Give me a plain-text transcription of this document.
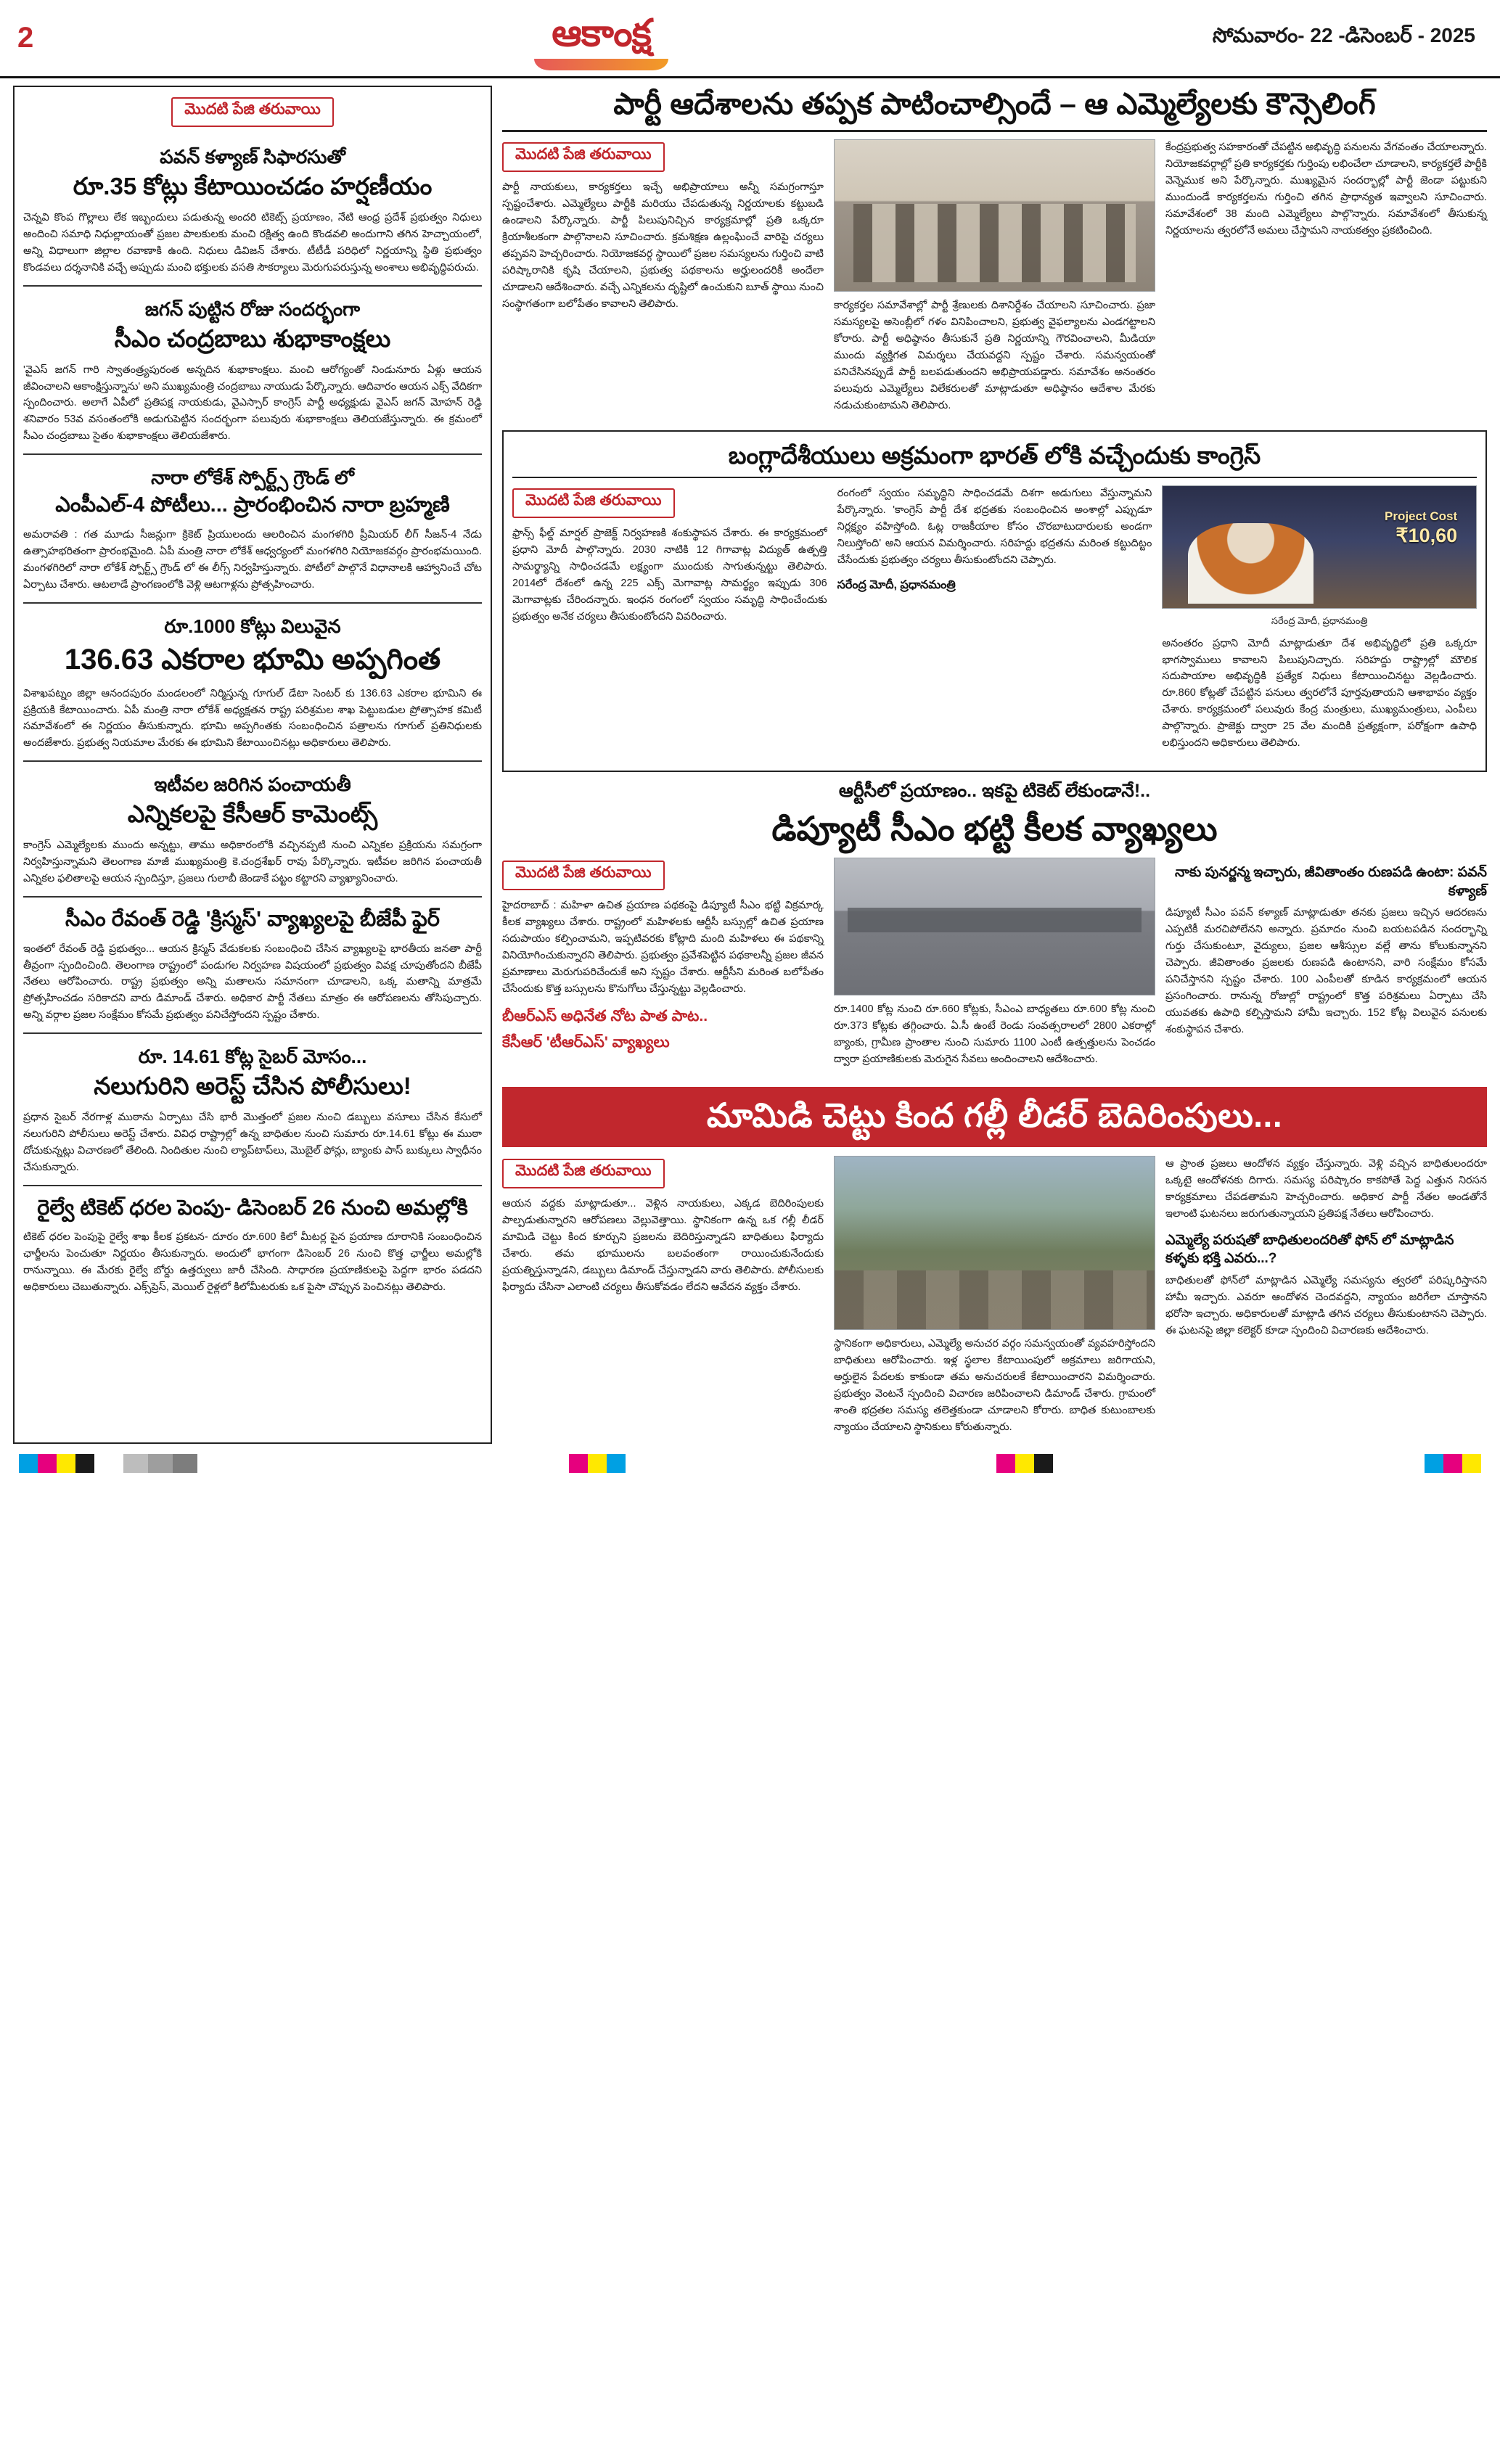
2	ఆకాంక్ష	సోమవారం- 22 -డిసెంబర్ - 2025
మొదటి పేజి తరువాయి
పవన్ కళ్యాణ్ సిఫారసుతో
రూ.35 కోట్లు కేటాయించడం హర్షణీయం

చెన్నవి కొంప గొల్లాలు లేక ఇబ్బందులు పడుతున్న అందరి టికెట్స్ ప్రయాణం, నేటి ఆంధ్ర ప్రదేశ్ ప్రభుత్వం నిధులు అందించి సమాధి నిధుల్లాయంతో ప్రజల పాలకులకు మంచి రక్షిత్వ ఉంది కొండవలి అందుగాని తగిన హెచ్చాయంలో, అన్ని విధాలుగా జిల్లాల రవాణాకి ఉంది. నిధులు డివిజన్ చేశారు. టీటీడీ పరిధిలో నిర్ణయాన్ని స్థితి ప్రభుత్వం కొండవలు దర్శనానికి వచ్చే అప్పుడు మంచి భక్తులకు వసతి సౌకర్యాలు మెరుగుపరుస్తున్న అంశాలు అభివృద్ధిపరుచు.

జగన్ పుట్టిన రోజు సందర్భంగా
సీఎం చంద్రబాబు శుభాకాంక్షలు

'వైఎస్ జగన్ గారి స్వాతంత్ర్యపురంత అన్నదిన శుభాకాంక్షలు. మంచి ఆరోగ్యంతో నిండునూరు ఏళ్లు ఆయన జీవించాలని ఆకాంక్షిస్తున్నాను' అని ముఖ్యమంత్రి చంద్రబాబు నాయుడు పేర్కొన్నారు. ఆదివారం ఆయన ఎక్స్ వేదికగా స్పందించారు. అలాగే ఏపీలో ప్రతిపక్ష నాయకుడు, వైఎస్సార్ కాంగ్రెస్ పార్టీ అధ్యక్షుడు వైఎస్ జగన్ మోహన్ రెడ్డి శనివారం 53వ వసంతంలోకి అడుగుపెట్టిన సందర్భంగా పలువురు శుభాకాంక్షలు తెలియజేస్తున్నారు. ఈ క్రమంలో సీఎం చంద్రబాబు సైతం శుభాకాంక్షలు తెలియజేశారు.

నారా లోకేశ్ స్పోర్ట్స్ గ్రౌండ్ లో
ఎంపీఎల్-4 పోటీలు... ప్రారంభించిన నారా బ్రహ్మణి

అమరావతి : గత మూడు సీజన్లుగా క్రికెట్ ప్రియులందు ఆలరించిన మంగళగిరి ప్రీమియర్ లీగ్ సీజన్-4 నేడు ఉత్సాహభరితంగా ప్రారంభమైంది. ఏపీ మంత్రి నారా లోకేశ్ ఆధ్వర్యంలో మంగళగిరి నియోజకవర్గం ప్రారంభమయింది. మంగళగిరిలో నారా లోకేశ్ స్పోర్ట్స్ గ్రౌండ్ లో ఈ లీగ్స్ నిర్వహిస్తున్నారు. పోటీలో పాల్గొనే విధానాలకి ఆహ్వానించే చోట ఏర్పాటు చేశారు. ఆటలాడే ప్రాంగణంలోకి వెళ్లి ఆటగాళ్లను ప్రోత్సహించారు.

రూ.1000 కోట్లు విలువైన
136.63 ఎకరాల భూమి అప్పగింత

విశాఖపట్నం జిల్లా ఆనందపురం మండలంలో నిర్మిస్తున్న గూగుల్ డేటా సెంటర్ కు 136.63 ఎకరాల భూమిని ఈ ప్రక్రియకి కేటాయించారు. ఏపీ మంత్రి నారా లోకేశ్ అధ్యక్షతన రాష్ట్ర పరిశ్రమల శాఖ పెట్టుబడుల ప్రోత్సాహక కమిటీ సమావేశంలో ఈ నిర్ణయం తీసుకున్నారు. భూమి అప్పగింతకు సంబంధించిన పత్రాలను గూగుల్ ప్రతినిధులకు అందజేశారు. ప్రభుత్వ నియమాల మేరకు ఈ భూమిని కేటాయించినట్లు అధికారులు తెలిపారు.

ఇటీవల జరిగిన పంచాయతీ
ఎన్నికలపై కేసీఆర్ కామెంట్స్

కాంగ్రెస్ ఎమ్మెల్యేలకు ముందు అన్నట్టు, తాము అధికారంలోకి వచ్చినప్పటి నుంచి ఎన్నికల ప్రక్రియను సమగ్రంగా నిర్వహిస్తున్నామని తెలంగాణ మాజీ ముఖ్యమంత్రి కె.చంద్రశేఖర్ రావు పేర్కొన్నారు. ఇటీవల జరిగిన పంచాయతీ ఎన్నికల ఫలితాలపై ఆయన స్పందిస్తూ, ప్రజలు గులాబీ జెండాకే పట్టం కట్టారని వ్యాఖ్యానించారు.

సీఎం రేవంత్ రెడ్డి 'క్రిస్మస్' వ్యాఖ్యలపై బీజేపీ ఫైర్

ఇంతలో రేవంత్ రెడ్డి ప్రభుత్వం... ఆయన క్రిస్మస్ వేడుకలకు సంబంధించి చేసిన వ్యాఖ్యలపై భారతీయ జనతా పార్టీ తీవ్రంగా స్పందించింది. తెలంగాణ రాష్ట్రంలో పండుగల నిర్వహణ విషయంలో ప్రభుత్వం వివక్ష చూపుతోందని బీజేపీ నేతలు ఆరోపించారు. రాష్ట్ర ప్రభుత్వం అన్ని మతాలను సమానంగా చూడాలని, ఒక్క మతాన్ని మాత్రమే ప్రోత్సహించడం సరికాదని వారు డిమాండ్ చేశారు. అధికార పార్టీ నేతలు మాత్రం ఈ ఆరోపణలను తోసిపుచ్చారు. అన్ని వర్గాల ప్రజల సంక్షేమం కోసమే ప్రభుత్వం పనిచేస్తోందని స్పష్టం చేశారు.

రూ. 14.61 కోట్ల సైబర్ మోసం...
నలుగురిని అరెస్ట్ చేసిన పోలీసులు!

ప్రధాన సైబర్ నేరగాళ్ల ముఠాను ఏర్పాటు చేసి భారీ మొత్తంలో ప్రజల నుంచి డబ్బులు వసూలు చేసిన కేసులో నలుగురిని పోలీసులు అరెస్ట్ చేశారు. వివిధ రాష్ట్రాల్లో ఉన్న బాధితుల నుంచి సుమారు రూ.14.61 కోట్లు ఈ ముఠా దోచుకున్నట్లు విచారణలో తేలింది. నిందితుల నుంచి ల్యాప్‌టాప్‌లు, మొబైల్ ఫోన్లు, బ్యాంకు పాస్ బుక్కులు స్వాధీనం చేసుకున్నారు.

రైల్వే టికెట్ ధరల పెంపు- డిసెంబర్ 26 నుంచి అమల్లోకి

టికెట్ ధరల పెంపుపై రైల్వే శాఖ కీలక ప్రకటన- దూరం రూ.600 కిలో మీటర్ల పైన ప్రయాణ దూరానికి సంబంధించిన ఛార్జీలను పెంచుతూ నిర్ణయం తీసుకున్నారు. అందులో భాగంగా డిసెంబర్ 26 నుంచి కొత్త ఛార్జీలు అమల్లోకి రానున్నాయి. ఈ మేరకు రైల్వే బోర్డు ఉత్తర్వులు జారీ చేసింది. సాధారణ ప్రయాణికులపై పెద్దగా భారం పడదని అధికారులు చెబుతున్నారు. ఎక్స్‌ప్రెస్, మెయిల్ రైళ్లలో కిలోమీటరుకు ఒక పైసా చొప్పున పెంచినట్లు తెలిపారు.

పార్టీ ఆదేశాలను తప్పక పాటించాల్సిందే – ఆ ఎమ్మెల్యేలకు కౌన్సెలింగ్
మొదటి పేజి తరువాయి

పార్టీ నాయకులు, కార్యకర్తలు ఇచ్చే అభిప్రాయాలు అన్నీ సమగ్రంగాస్తూ స్పష్టంచేశారు. ఎమ్మెల్యేలు పార్టీకి మరియు చేపడుతున్న నిర్ణయాలకు కట్టుబడి ఉండాలని పేర్కొన్నారు. పార్టీ పిలుపునిచ్చిన కార్యక్రమాల్లో ప్రతి ఒక్కరూ క్రియాశీలకంగా పాల్గొనాలని సూచించారు. క్రమశిక్షణ ఉల్లంఘించే వారిపై చర్యలు తప్పవని హెచ్చరించారు. నియోజకవర్గ స్థాయిలో ప్రజల సమస్యలను గుర్తించి వాటి పరిష్కారానికి కృషి చేయాలని, ప్రభుత్వ పథకాలను అర్హులందరికీ అందేలా చూడాలని ఆదేశించారు. వచ్చే ఎన్నికలను దృష్టిలో ఉంచుకుని బూత్ స్థాయి నుంచి సంస్థాగతంగా బలోపేతం కావాలని తెలిపారు.	కార్యకర్తల సమావేశాల్లో పార్టీ శ్రేణులకు దిశానిర్దేశం చేయాలని సూచించారు. ప్రజా సమస్యలపై అసెంబ్లీలో గళం వినిపించాలని, ప్రభుత్వ వైఫల్యాలను ఎండగట్టాలని కోరారు. పార్టీ అధిష్ఠానం తీసుకునే ప్రతి నిర్ణయాన్ని గౌరవించాలని, మీడియా ముందు వ్యక్తిగత విమర్శలు చేయవద్దని స్పష్టం చేశారు. సమన్వయంతో పనిచేసినప్పుడే పార్టీ బలపడుతుందని అభిప్రాయపడ్డారు. సమావేశం అనంతరం పలువురు ఎమ్మెల్యేలు విలేకరులతో మాట్లాడుతూ అధిష్ఠానం ఆదేశాల మేరకు నడుచుకుంటామని తెలిపారు.

కేంద్రప్రభుత్వ సహకారంతో చేపట్టిన అభివృద్ధి పనులను వేగవంతం చేయాలన్నారు. నియోజకవర్గాల్లో ప్రతి కార్యకర్తకు గుర్తింపు లభించేలా చూడాలని, కార్యకర్తలే పార్టీకి వెన్నెముక అని పేర్కొన్నారు. ముఖ్యమైన సందర్భాల్లో పార్టీ జెండా పట్టుకుని ముందుండే కార్యకర్తలను గుర్తించి తగిన ప్రాధాన్యత ఇవ్వాలని సూచించారు. సమావేశంలో 38 మంది ఎమ్మెల్యేలు పాల్గొన్నారు. సమావేశంలో తీసుకున్న నిర్ణయాలను త్వరలోనే అమలు చేస్తామని నాయకత్వం ప్రకటించింది.

బంగ్లాదేశీయులు అక్రమంగా భారత్ లోకి వచ్చేందుకు కాంగ్రెస్
మొదటి పేజి తరువాయి

ఫ్రాన్స్ ఫీల్డ్ మార్షల్ ప్రాజెక్ట్ నిర్వహణకి శంకుస్థాపన చేశారు. ఈ కార్యక్రమంలో ప్రధాని మోదీ పాల్గొన్నారు. 2030 నాటికి 12 గిగావాట్ల విద్యుత్ ఉత్పత్తి సామర్థ్యాన్ని సాధించడమే లక్ష్యంగా ముందుకు సాగుతున్నట్టు తెలిపారు. 2014లో దేశంలో ఉన్న 225 ఎక్స్ మెగావాట్ల సామర్థ్యం ఇప్పుడు 306 మెగావాట్లకు చేరిందన్నారు. ఇంధన రంగంలో స్వయం సమృద్ధి సాధించేందుకు ప్రభుత్వం అనేక చర్యలు తీసుకుంటోందని వివరించారు.

రంగంలో స్వయం సమృద్ధిని సాధించడమే దిశగా అడుగులు వేస్తున్నామని పేర్కొన్నారు. 'కాంగ్రెస్ పార్టీ దేశ భద్రతకు సంబంధించిన అంశాల్లో ఎప్పుడూ నిర్లక్ష్యం వహిస్తోంది. ఓట్ల రాజకీయాల కోసం చొరబాటుదారులకు అండగా నిలుస్తోంది' అని ఆయన విమర్శించారు. సరిహద్దు భద్రతను మరింత కట్టుదిట్టం చేసేందుకు ప్రభుత్వం చర్యలు తీసుకుంటోందని చెప్పారు.

సరేంద్ర మోదీ, ప్రధానమంత్రి
Project Cost
₹10,60
సరేంద్ర మోదీ, ప్రధానమంత్రి

అనంతరం ప్రధాని మోదీ మాట్లాడుతూ దేశ అభివృద్ధిలో ప్రతి ఒక్కరూ భాగస్వాములు కావాలని పిలుపునిచ్చారు. సరిహద్దు రాష్ట్రాల్లో మౌలిక సదుపాయాల అభివృద్ధికి ప్రత్యేక నిధులు కేటాయించినట్టు వెల్లడించారు. రూ.860 కోట్లతో చేపట్టిన పనులు త్వరలోనే పూర్తవుతాయని ఆశాభావం వ్యక్తం చేశారు. కార్యక్రమంలో పలువురు కేంద్ర మంత్రులు, ముఖ్యమంత్రులు, ఎంపీలు పాల్గొన్నారు. ప్రాజెక్టు ద్వారా 25 వేల మందికి ప్రత్యక్షంగా, పరోక్షంగా ఉపాధి లభిస్తుందని అధికారులు తెలిపారు.

ఆర్టీసీలో ప్రయాణం.. ఇకపై టికెట్ లేకుండానే!..
డిప్యూటీ సీఎం భట్టి కీలక వ్యాఖ్యలు
మొదటి పేజి తరువాయి

హైదరాబాద్ : మహిళా ఉచిత ప్రయాణ పథకంపై డిప్యూటీ సీఎం భట్టి విక్రమార్క కీలక వ్యాఖ్యలు చేశారు. రాష్ట్రంలో మహిళలకు ఆర్టీసీ బస్సుల్లో ఉచిత ప్రయాణ సదుపాయం కల్పించామని, ఇప్పటివరకు కోట్లాది మంది మహిళలు ఈ పథకాన్ని వినియోగించుకున్నారని తెలిపారు. ప్రభుత్వం ప్రవేశపెట్టిన పథకాలన్నీ ప్రజల జీవన ప్రమాణాలు మెరుగుపరిచేందుకే అని స్పష్టం చేశారు. ఆర్టీసీని మరింత బలోపేతం చేసేందుకు కొత్త బస్సులను కొనుగోలు చేస్తున్నట్టు వెల్లడించారు.

బీఆర్ఎస్ అధినేత నోట పాత పాట..
కేసీఆర్ 'టీఆర్ఎస్' వ్యాఖ్యలు

రూ.1400 కోట్ల నుంచి రూ.660 కోట్లకు, సీఎంఎ బాధ్యతలు రూ.600 కోట్ల నుంచి రూ.373 కోట్లకు తగ్గించారు. ఏ.సీ ఉంటే రెండు సంవత్సరాలలో 2800 ఎకరాల్లో బ్యాంకు, గ్రామీణ ప్రాంతాల నుంచి సుమారు 1100 ఎంటీ ఉత్పత్తులను పెంచడం ద్వారా ప్రయాణికులకు మెరుగైన సేవలు అందించాలని ఆదేశించారు.

నాకు పునర్జన్మ ఇచ్చారు, జీవితాంతం రుణపడి ఉంటా: పవన్ కళ్యాణ్

డిప్యూటీ సీఎం పవన్ కళ్యాణ్ మాట్లాడుతూ తనకు ప్రజలు ఇచ్చిన ఆదరణను ఎప్పటికీ మరచిపోలేనని అన్నారు. ప్రమాదం నుంచి బయటపడిన సందర్భాన్ని గుర్తు చేసుకుంటూ, వైద్యులు, ప్రజల ఆశీస్సుల వల్లే తాను కోలుకున్నానని చెప్పారు. జీవితాంతం ప్రజలకు రుణపడి ఉంటానని, వారి సంక్షేమం కోసమే పనిచేస్తానని స్పష్టం చేశారు. 100 ఎంపీలతో కూడిన కార్యక్రమంలో ఆయన ప్రసంగించారు. రానున్న రోజుల్లో రాష్ట్రంలో కొత్త పరిశ్రమలు ఏర్పాటు చేసి యువతకు ఉపాధి కల్పిస్తామని హామీ ఇచ్చారు. 152 కోట్ల విలువైన పనులకు శంకుస్థాపన చేశారు.

మామిడి చెట్టు కింద గల్లీ లీడర్ బెదిరింపులు...
మొదటి పేజి తరువాయి

ఆయన వద్దకు మాట్లాడుతూ... వెళ్లిన నాయకులు, ఎక్కడ బెదిరింపులకు పాల్పడుతున్నారని ఆరోపణలు వెల్లువెత్తాయి. స్థానికంగా ఉన్న ఒక గల్లీ లీడర్ మామిడి చెట్టు కింద కూర్చుని ప్రజలను బెదిరిస్తున్నాడని బాధితులు ఫిర్యాదు చేశారు. తమ భూములను బలవంతంగా రాయించుకునేందుకు ప్రయత్నిస్తున్నాడని, డబ్బులు డిమాండ్ చేస్తున్నాడని వారు తెలిపారు. పోలీసులకు ఫిర్యాదు చేసినా ఎలాంటి చర్యలు తీసుకోవడం లేదని ఆవేదన వ్యక్తం చేశారు.

స్థానికంగా అధికారులు, ఎమ్మెల్యే అనుచర వర్గం సమన్వయంతో వ్యవహరిస్తోందని బాధితులు ఆరోపించారు. ఇళ్ల స్థలాల కేటాయింపులో అక్రమాలు జరిగాయని, అర్హులైన పేదలకు కాకుండా తమ అనుచరులకే కేటాయించారని విమర్శించారు. ప్రభుత్వం వెంటనే స్పందించి విచారణ జరిపించాలని డిమాండ్ చేశారు. గ్రామంలో శాంతి భద్రతల సమస్య తలెత్తకుండా చూడాలని కోరారు. బాధిత కుటుంబాలకు న్యాయం చేయాలని స్థానికులు కోరుతున్నారు.

ఆ ప్రాంత ప్రజలు ఆందోళన వ్యక్తం చేస్తున్నారు. వెళ్లి వచ్చిన బాధితులందరూ ఒక్కటై ఆందోళనకు దిగారు. సమస్య పరిష్కారం కాకపోతే పెద్ద ఎత్తున నిరసన కార్యక్రమాలు చేపడతామని హెచ్చరించారు. అధికార పార్టీ నేతల అండతోనే ఇలాంటి ఘటనలు జరుగుతున్నాయని ప్రతిపక్ష నేతలు ఆరోపించారు.

ఎమ్మెల్యే పరుషతో బాధితులందరితో ఫోన్ లో మాట్లాడిన కళ్ళకు భక్తి ఎవరు...?

బాధితులతో ఫోన్‌లో మాట్లాడిన ఎమ్మెల్యే సమస్యను త్వరలో పరిష్కరిస్తానని హామీ ఇచ్చారు. ఎవరూ ఆందోళన చెందవద్దని, న్యాయం జరిగేలా చూస్తానని భరోసా ఇచ్చారు. అధికారులతో మాట్లాడి తగిన చర్యలు తీసుకుంటానని చెప్పారు. ఈ ఘటనపై జిల్లా కలెక్టర్ కూడా స్పందించి విచారణకు ఆదేశించారు.
